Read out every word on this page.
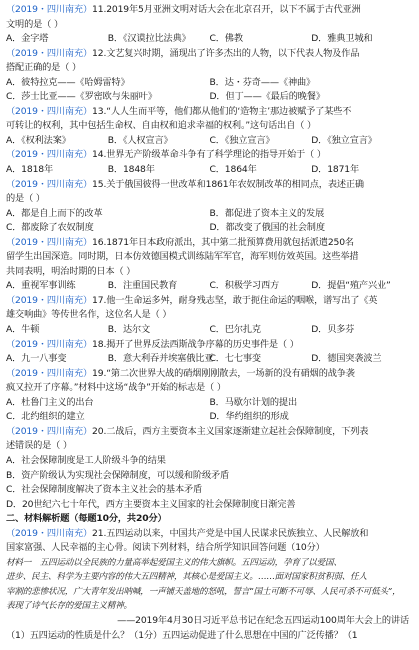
（2019・四川南充）11.2019年5月亚洲文明对话大会在北京召开，以下不属于古代亚洲
文明的是（ ）
A．金字塔	B．《汉谟拉比法典》	C．佛教	D．雅典卫城和
（2019・四川南充）12.文艺复兴时期，涌现出了许多杰出的人物，以下代表人物及作品
搭配正确的是（ ）
A．彼特拉克——《哈姆雷特》	B．达・芬奇——《神曲》
C．莎士比亚——《罗密欧与朱丽叶》	D．但丁——《最后的晚餐》
（2019・四川南充）13.“人人生而平等，他们都从他们的‘造物主’那边被赋予了某些不
可转让的权利，其中包括生命权、自由权和追求幸福的权利。”这句话出自（ ）
A．《权利法案》	B．《人权宣言》	C．《独立宣言》	D．《独立宣言》
（2019・四川南充）14.世界无产阶级革命斗争有了科学理论的指导开始于（ ）
A．1818年	B．1848年	C．1864年	D．1871年
（2019・四川南充）15.关于俄国彼得一世改革和1861年农奴制改革的相同点，表述正确
的是（ ）
A．都是自上而下的改革	B．都促进了资本主义的发展
C．都废除了农奴制度	D．都改变了俄国的社会制度
（2019・四川南充）16.1871年日本政府派出，其中第二批预算费用就包括派遣250名
留学生出国深造。同时期，日本仿效德国模式训练陆军军官，海军则仿效英国。这些举措
共同表明，明治时期的日本（ ）
A．重视军事训练	B．注重国民教育	C．积极学习西方	D．提倡“殖产兴业”
（2019・四川南充）17.他一生命运多舛，耐身残志坚，敢于扼住命运的咽喉，谱写出了《英
雄交响曲》等传世名作，这位名人是（ ）
A．牛顿	B．达尔文	C．巴尔扎克	D．贝多芬
（2019・四川南充）18.揭开了世界反法西斯战争序幕的历史事件是（ ）
A．九一八事变	B．意大利吞并埃塞俄比亚
C．七七事变	D．德国突袭波兰
（2019・四川南充）19.“第二次世界大战的硝烟刚刚散去，一场新的没有硝烟的战争袭
疯又拉开了序幕。”材料中这场“战争”开始的标志是（ ）
A．杜鲁门主义的出台	B．马歇尔计划的提出
C．北约组织的建立	D．华约组织的形成
（2019・四川南充）20.二战后，西方主要资本主义国家逐渐建立起社会保障制度，下列表
述错误的是（ ）
A．社会保障制度是工人阶级斗争的结果
B．资产阶级认为实现社会保障制度，可以缓和阶级矛盾
C．社会保障制度解决了资本主义社会的基本矛盾
D．20世纪六七十年代，西方主要资本主义国家的社会保障制度日渐完善
二、材料解析题（每题10分，共20分）
（2019・四川南充）21.五四运动以来，中国共产党是中国人民谋求民族独立、人民解放和
国家富强、人民幸福的主心骨。阅读下列材料，结合所学知识回答问题（10分）
材料一　五四运动以全民族的力量高举起爱国主义的伟大旗帜。五四运动，孕育了以爱国、
进步、民主、科学为主要内容的伟大五四精神，其核心是爱国主义。……面对国家积贫积弱、任人
宰割的悲惨状况，广大青年发出呐喊，一声铺天盖地的怒吼，誓言“国土可断不可辱、人民可杀不可低头”，
表现了诗气长存的爱国主义精神。
——2019年4月30日习近平总书记在纪念五四运动100周年大会上的讲话
（1）五四运动的性质是什么？（1分）五四运动促进了什么思想在中国的广泛传播？（1
